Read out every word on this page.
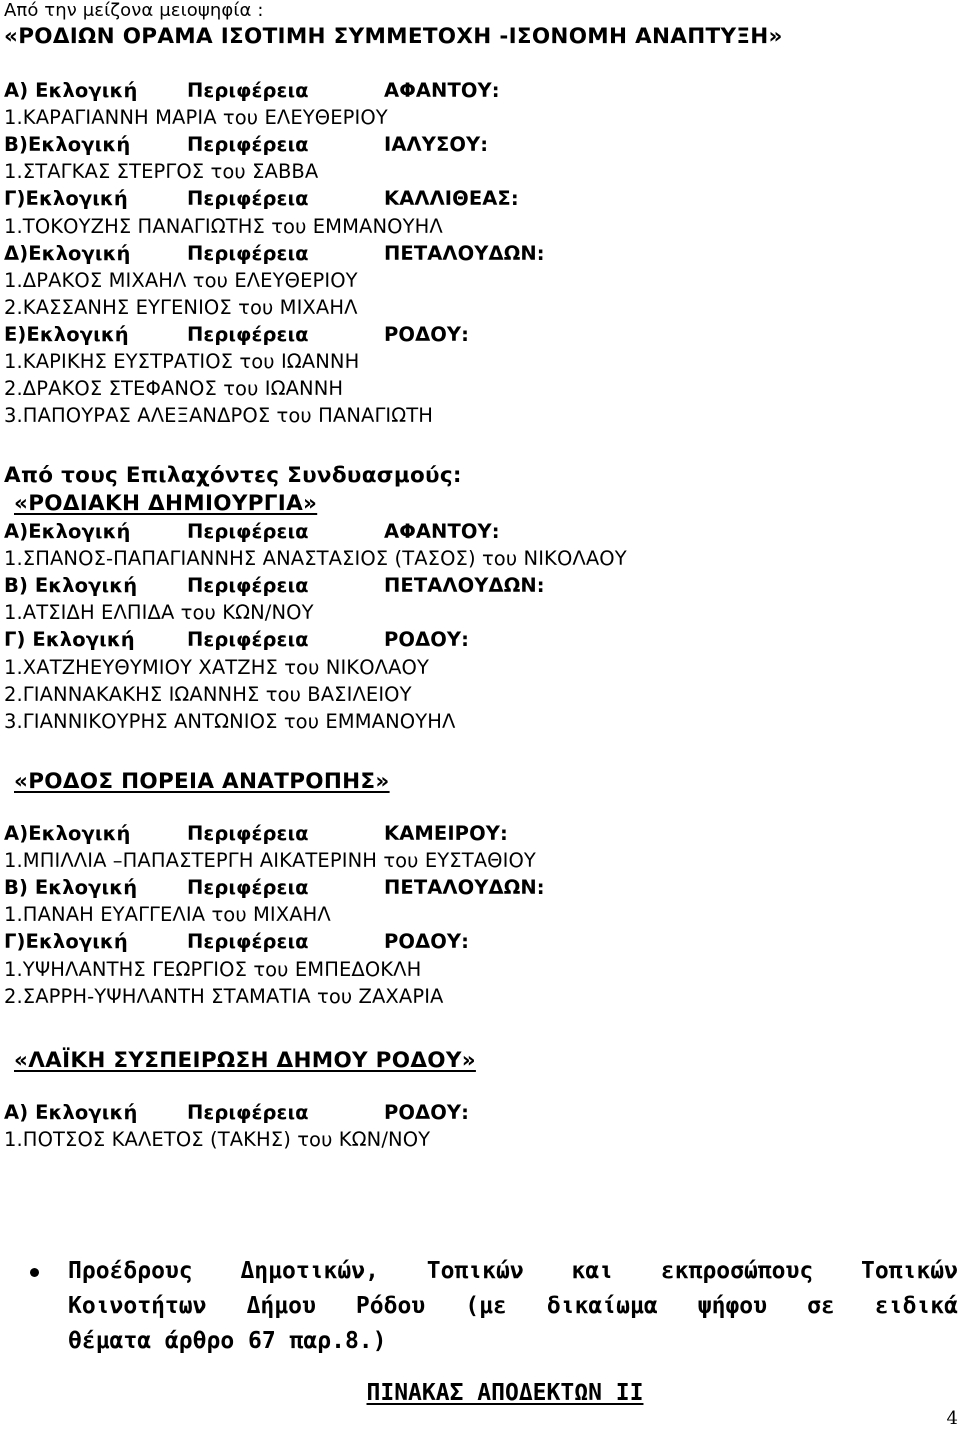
Από την μείζονα μειοψηφία :
«ΡΟΔΙΩΝ ΟΡΑΜΑ ΙΣΟΤΙΜΗ ΣΥΜΜΕΤΟΧΗ -ΙΣΟΝΟΜΗ ΑΝΑΠΤΥΞΗ»
Α) Εκλογική	Περιφέρεια	ΑΦΑΝΤΟΥ:
1.ΚΑΡΑΓΙΑΝΝΗ ΜΑΡΙΑ του ΕΛΕΥΘΕΡΙΟΥ
Β)Εκλογική	Περιφέρεια	ΙΑΛΥΣΟΥ:
1.ΣΤΑΓΚΑΣ ΣΤΕΡΓΟΣ του ΣΑΒΒΑ
Γ)Εκλογική	Περιφέρεια	ΚΑΛΛΙΘΕΑΣ:
1.ΤΟΚΟΥΖΗΣ ΠΑΝΑΓΙΩΤΗΣ του ΕΜΜΑΝΟΥΗΛ
Δ)Εκλογική	Περιφέρεια	ΠΕΤΑΛΟΥΔΩΝ:
1.ΔΡΑΚΟΣ ΜΙΧΑΗΛ του ΕΛΕΥΘΕΡΙΟΥ
2.ΚΑΣΣΑΝΗΣ ΕΥΓΕΝΙΟΣ του ΜΙΧΑΗΛ
Ε)Εκλογική	Περιφέρεια	ΡΟΔΟΥ:
1.ΚΑΡΙΚΗΣ ΕΥΣΤΡΑΤΙΟΣ του ΙΩΑΝΝΗ
2.ΔΡΑΚΟΣ ΣΤΕΦΑΝΟΣ του ΙΩΑΝΝΗ
3.ΠΑΠΟΥΡΑΣ ΑΛΕΞΑΝΔΡΟΣ του ΠΑΝΑΓΙΩΤΗ
Από τους Επιλαχόντες Συνδυασμούς:
«ΡΟΔΙΑΚΗ ΔΗΜΙΟΥΡΓΙΑ»
Α)Εκλογική	Περιφέρεια	ΑΦΑΝΤΟΥ:
1.ΣΠΑΝΟΣ-ΠΑΠΑΓΙΑΝΝΗΣ ΑΝΑΣΤΑΣΙΟΣ (ΤΑΣΟΣ) του ΝΙΚΟΛΑΟΥ
Β) Εκλογική	Περιφέρεια	ΠΕΤΑΛΟΥΔΩΝ:
1.ΑΤΣΙΔΗ ΕΛΠΙΔΑ του ΚΩΝ/ΝΟΥ
Γ) Εκλογική	Περιφέρεια	ΡΟΔΟΥ:
1.ΧΑΤΖΗΕΥΘΥΜΙΟΥ ΧΑΤΖΗΣ του ΝΙΚΟΛΑΟΥ
2.ΓΙΑΝΝΑΚΑΚΗΣ ΙΩΑΝΝΗΣ του ΒΑΣΙΛΕΙΟΥ
3.ΓΙΑΝΝΙΚΟΥΡΗΣ ΑΝΤΩΝΙΟΣ του ΕΜΜΑΝΟΥΗΛ
«ΡΟΔΟΣ ΠΟΡΕΙΑ ΑΝΑΤΡΟΠΗΣ»
Α)Εκλογική	Περιφέρεια	ΚΑΜΕΙΡΟΥ:
1.ΜΠΙΛΛΙΑ –ΠΑΠΑΣΤΕΡΓΗ ΑΙΚΑΤΕΡΙΝΗ του ΕΥΣΤΑΘΙΟΥ
Β) Εκλογική	Περιφέρεια	ΠΕΤΑΛΟΥΔΩΝ:
1.ΠΑΝΑΗ ΕΥΑΓΓΕΛΙΑ του ΜΙΧΑΗΛ
Γ)Εκλογική	Περιφέρεια	ΡΟΔΟΥ:
1.ΥΨΗΛΑΝΤΗΣ ΓΕΩΡΓΙΟΣ του ΕΜΠΕΔΟΚΛΗ
2.ΣΑΡΡΗ-ΥΨΗΛΑΝΤΗ ΣΤΑΜΑΤΙΑ του ΖΑΧΑΡΙΑ
«ΛΑΪΚΗ ΣΥΣΠΕΙΡΩΣΗ ΔΗΜΟΥ ΡΟΔΟΥ»
Α) Εκλογική	Περιφέρεια	ΡΟΔΟΥ:
1.ΠΟΤΣΟΣ ΚΑΛΕΤΟΣ (ΤΑΚΗΣ) του ΚΩΝ/ΝΟΥ
Προέδρους Δημοτικών, Τοπικών και εκπροσώπους Τοπικών
Κοινοτήτων Δήμου Ρόδου (με δικαίωμα ψήφου σε ειδικά
θέματα άρθρο 67 παρ.8.)
ΠΙΝΑΚΑΣ ΑΠΟΔΕΚΤΩΝ ΙΙ
4
